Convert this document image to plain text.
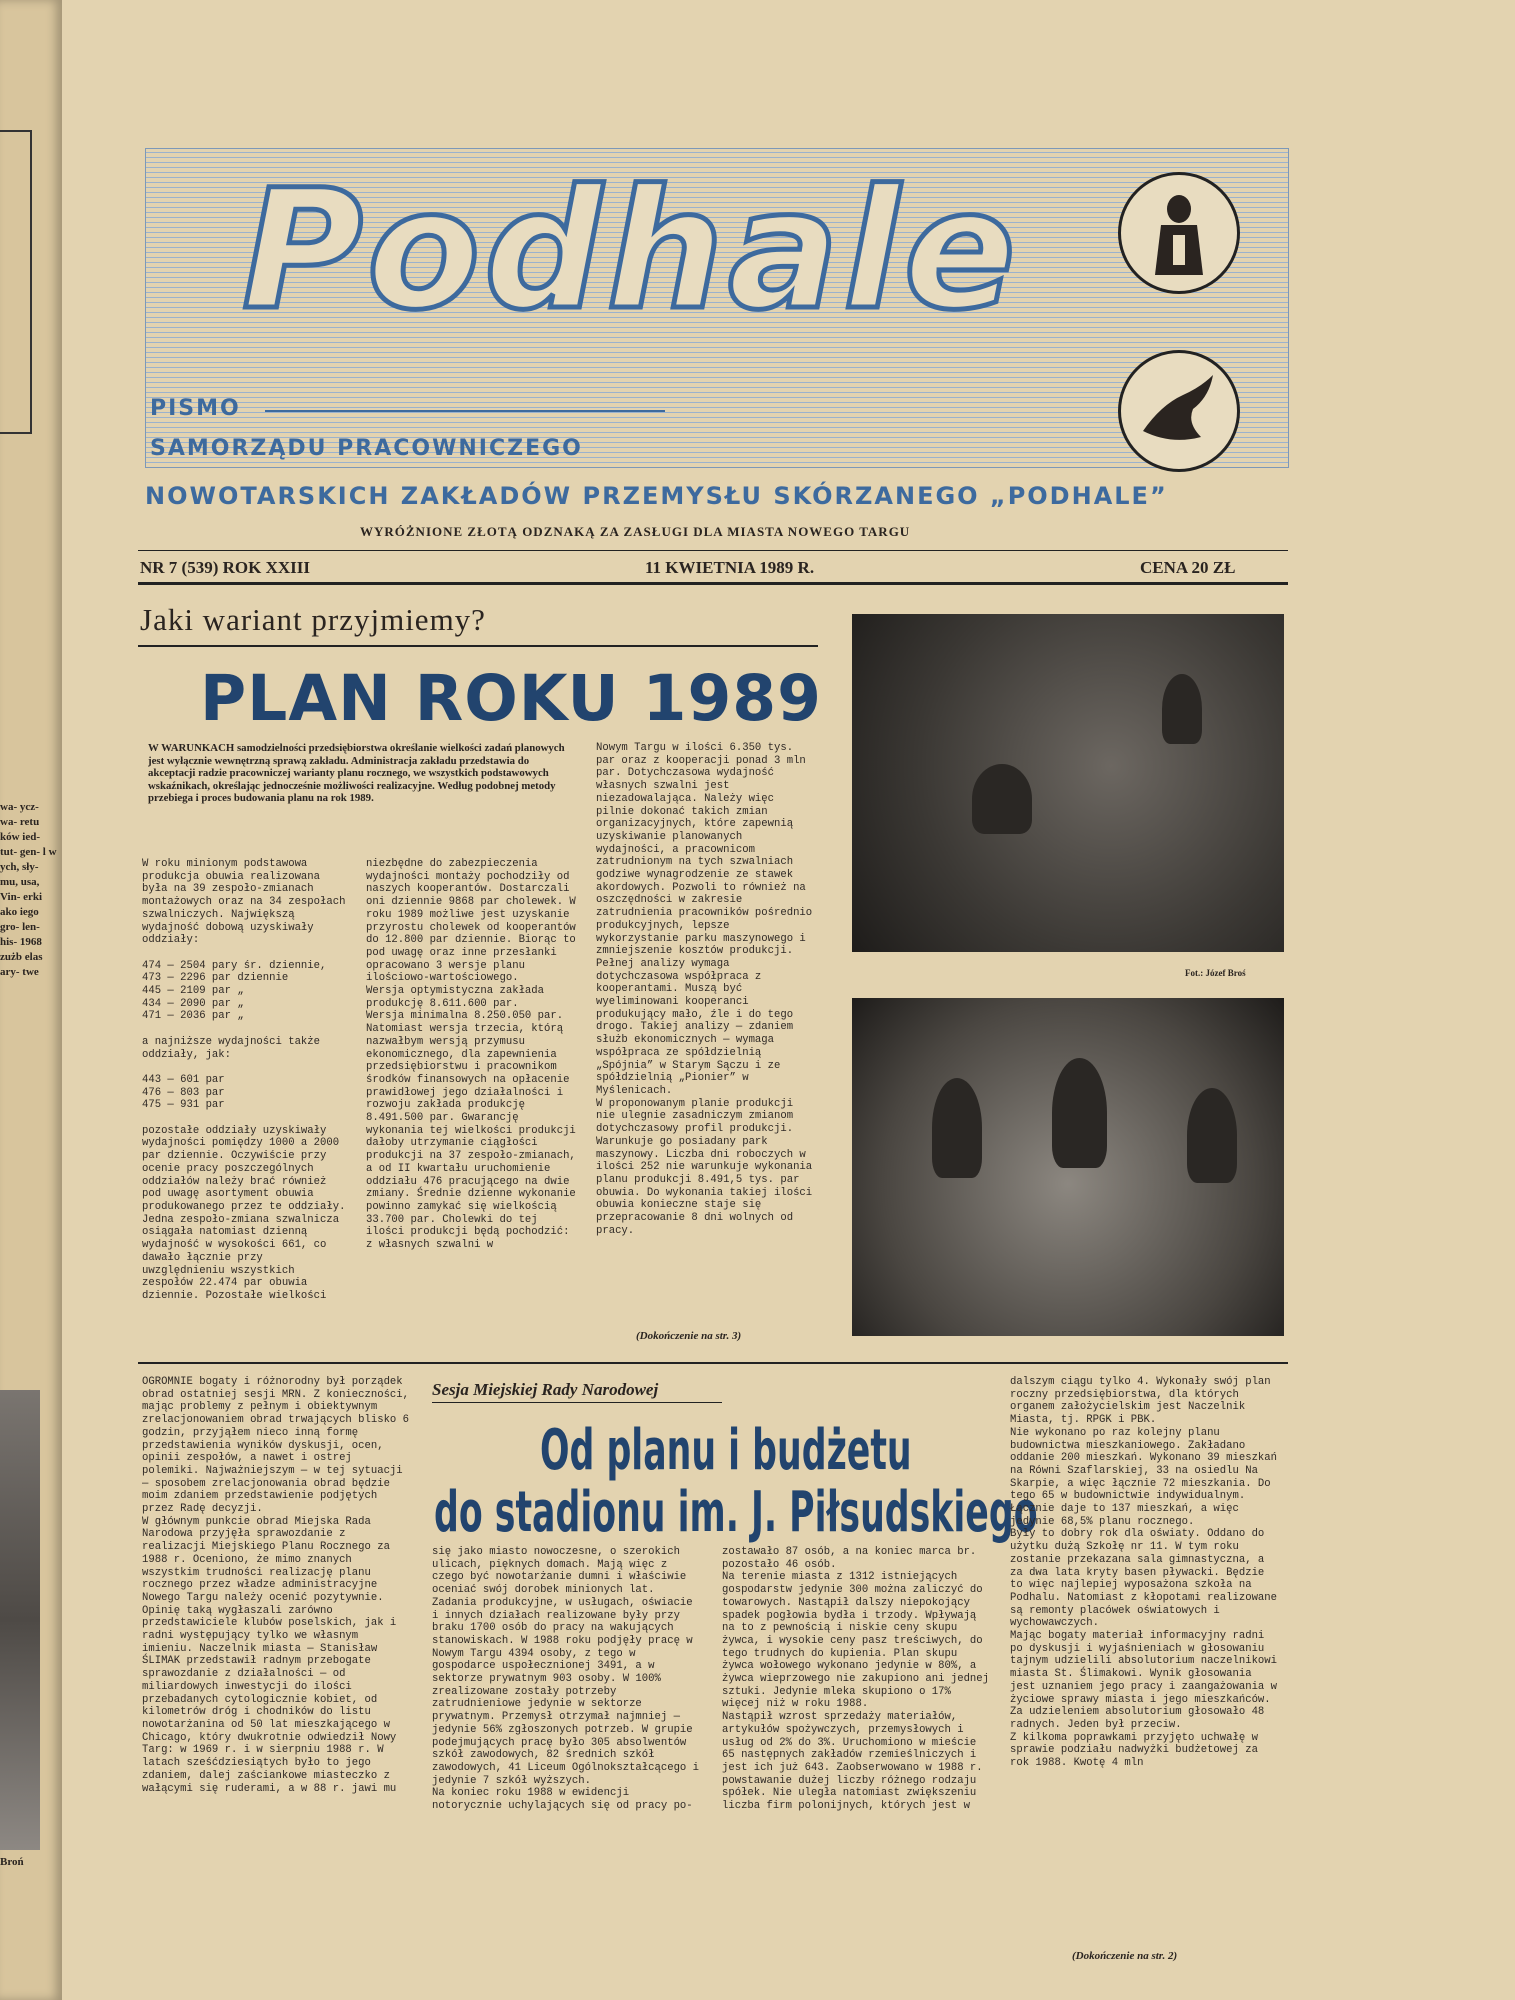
wa- ycz- wa- retu ków ied- tut- gen- l w ych, sły- mu, usa, Vin- erki ako iego gro- len- his- 1968 zużb elas ary- twe
Broń
Podhale
PISMO
SAMORZĄDU PRACOWNICZEGO
NOWOTARSKICH ZAKŁADÓW PRZEMYSŁU SKÓRZANEGO „PODHALE”
WYRÓŻNIONE ZŁOTĄ ODZNAKĄ ZA ZASŁUGI DLA MIASTA NOWEGO TARGU
NR 7 (539) ROK XXIII	11 KWIETNIA 1989 R.	CENA 20 ZŁ
Jaki wariant przyjmiemy?
PLAN ROKU 1989
W WARUNKACH samodzielności przedsiębiorstwa określanie wielkości zadań planowych jest wyłącznie wewnętrzną sprawą zakładu. Administracja zakładu przedstawia do akceptacji radzie pracowniczej warianty planu rocznego, we wszystkich podstawowych wskaźnikach, określając jednocześnie możliwości realizacyjne. Według podobnej metody przebiega i proces budowania planu na rok 1989.
W roku minionym podstawowa produkcja obuwia realizowana była na 39 zespoło-zmianach montażowych oraz na 34 zespołach szwalniczych. Największą wydajność dobową uzyskiwały oddziały:

474 — 2504 pary śr. dziennie,
473 — 2296 par dziennie
445 — 2109 par „
434 — 2090 par „
471 — 2036 par „

a najniższe wydajności także oddziały, jak:

443 — 601 par
476 — 803 par
475 — 931 par

pozostałe oddziały uzyskiwały wydajności pomiędzy 1000 a 2000 par dziennie. Oczywiście przy ocenie pracy poszczególnych oddziałów należy brać również pod uwagę asortyment obuwia produkowanego przez te oddziały.
Jedna zespoło-zmiana szwalnicza osiągała natomiast dzienną wydajność w wysokości 661, co dawało łącznie przy uwzględnieniu wszystkich zespołów 22.474 par obuwia dziennie. Pozostałe wielkości
niezbędne do zabezpieczenia wydajności montaży pochodziły od naszych kooperantów. Dostarczali oni dziennie 9868 par cholewek. W roku 1989 możliwe jest uzyskanie przyrostu cholewek od kooperantów do 12.800 par dziennie. Biorąc to pod uwagę oraz inne przesłanki opracowano 3 wersje planu ilościowo-wartościowego.
Wersja optymistyczna zakłada produkcję 8.611.600 par.
Wersja minimalna 8.250.050 par.
Natomiast wersja trzecia, którą nazwałbym wersją przymusu ekonomicznego, dla zapewnienia przedsiębiorstwu i pracownikom środków finansowych na opłacenie prawidłowej jego działalności i rozwoju zakłada produkcję 8.491.500 par. Gwarancję wykonania tej wielkości produkcji dałoby utrzymanie ciągłości produkcji na 37 zespoło-zmianach, a od II kwartału uruchomienie oddziału 476 pracującego na dwie zmiany. Średnie dzienne wykonanie powinno zamykać się wielkością 33.700 par. Cholewki do tej ilości produkcji będą pochodzić: z własnych szwalni w
Nowym Targu w ilości 6.350 tys. par oraz z kooperacji ponad 3 mln par. Dotychczasowa wydajność własnych szwalni jest niezadowalająca. Należy więc pilnie dokonać takich zmian organizacyjnych, które zapewnią uzyskiwanie planowanych wydajności, a pracownicom zatrudnionym na tych szwalniach godziwe wynagrodzenie ze stawek akordowych. Pozwoli to również na oszczędności w zakresie zatrudnienia pracowników pośrednio produkcyjnych, lepsze wykorzystanie parku maszynowego i zmniejszenie kosztów produkcji.
Pełnej analizy wymaga dotychczasowa współpraca z kooperantami. Muszą być wyeliminowani kooperanci produkujący mało, źle i do tego drogo. Takiej analizy — zdaniem służb ekonomicznych — wymaga współpraca ze spółdzielnią „Spójnia” w Starym Sączu i ze spółdzielnią „Pionier” w Myślenicach.
W proponowanym planie produkcji nie ulegnie zasadniczym zmianom dotychczasowy profil produkcji. Warunkuje go posiadany park maszynowy. Liczba dni roboczych w ilości 252 nie warunkuje wykonania planu produkcji 8.491,5 tys. par obuwia. Do wykonania takiej ilości obuwia konieczne staje się przepracowanie 8 dni wolnych od pracy.
(Dokończenie na str. 3)
Fot.: Józef Broś
OGROMNIE bogaty i różnorodny był porządek obrad ostatniej sesji MRN. Z konieczności, mając problemy z pełnym i obiektywnym zrelacjonowaniem obrad trwających blisko 6 godzin, przyjąłem nieco inną formę przedstawienia wyników dyskusji, ocen, opinii zespołów, a nawet i ostrej polemiki. Najważniejszym — w tej sytuacji — sposobem zrelacjonowania obrad będzie moim zdaniem przedstawienie podjętych przez Radę decyzji.
W głównym punkcie obrad Miejska Rada Narodowa przyjęła sprawozdanie z realizacji Miejskiego Planu Rocznego za 1988 r. Oceniono, że mimo znanych wszystkim trudności realizację planu rocznego przez władze administracyjne Nowego Targu należy ocenić pozytywnie. Opinię taką wygłaszali zarówno przedstawiciele klubów poselskich, jak i radni występujący tylko we własnym imieniu. Naczelnik miasta — Stanisław ŚLIMAK przedstawił radnym przebogate sprawozdanie z działalności — od miliardowych inwestycji do ilości przebadanych cytologicznie kobiet, od kilometrów dróg i chodników do listu nowotarżanina od 50 lat mieszkającego w Chicago, który dwukrotnie odwiedził Nowy Targ: w 1969 r. i w sierpniu 1988 r. W latach sześćdziesiątych było to jego zdaniem, dalej zaściankowe miasteczko z wałącymi się ruderami, a w 88 r. jawi mu
Sesja Miejskiej Rady Narodowej
Od planu i budżetu
do stadionu im. J. Piłsudskiego
się jako miasto nowoczesne, o szerokich ulicach, pięknych domach. Mają więc z czego być nowotarżanie dumni i właściwie oceniać swój dorobek minionych lat.
Zadania produkcyjne, w usługach, oświacie i innych działach realizowane były przy braku 1700 osób do pracy na wakujących stanowiskach. W 1988 roku podjęły pracę w Nowym Targu 4394 osoby, z tego w gospodarce uspołecznionej 3491, a w sektorze prywatnym 903 osoby. W 100% zrealizowane zostały potrzeby zatrudnieniowe jedynie w sektorze prywatnym. Przemysł otrzymał najmniej — jedynie 56% zgłoszonych potrzeb. W grupie podejmujących pracę było 305 absolwentów szkół zawodowych, 82 średnich szkół zawodowych, 41 Liceum Ogólnokształcącego i jedynie 7 szkół wyższych.
Na koniec roku 1988 w ewidencji notorycznie uchylających się od pracy po-
zostawało 87 osób, a na koniec marca br. pozostało 46 osób.
Na terenie miasta z 1312 istniejących gospodarstw jedynie 300 można zaliczyć do towarowych. Nastąpił dalszy niepokojący spadek pogłowia bydła i trzody. Wpływają na to z pewnością i niskie ceny skupu żywca, i wysokie ceny pasz treściwych, do tego trudnych do kupienia. Plan skupu żywca wołowego wykonano jedynie w 80%, a żywca wieprzowego nie zakupiono ani jednej sztuki. Jedynie mleka skupiono o 17% więcej niż w roku 1988.
Nastąpił wzrost sprzedaży materiałów, artykułów spożywczych, przemysłowych i usług od 2% do 3%. Uruchomiono w mieście 65 następnych zakładów rzemieślniczych i jest ich już 643. Zaobserwowano w 1988 r. powstawanie dużej liczby różnego rodzaju spółek. Nie uległa natomiast zwiększeniu liczba firm polonijnych, których jest w
dalszym ciągu tylko 4. Wykonały swój plan roczny przedsiębiorstwa, dla których organem założycielskim jest Naczelnik Miasta, tj. RPGK i PBK.
Nie wykonano po raz kolejny planu budownictwa mieszkaniowego. Zakładano oddanie 200 mieszkań. Wykonano 39 mieszkań na Równi Szaflarskiej, 33 na osiedlu Na Skarpie, a więc łącznie 72 mieszkania. Do tego 65 w budownictwie indywidualnym. Łącznie daje to 137 mieszkań, a więc jedynie 68,5% planu rocznego.
Były to dobry rok dla oświaty. Oddano do użytku dużą Szkołę nr 11. W tym roku zostanie przekazana sala gimnastyczna, a za dwa lata kryty basen pływacki. Będzie to więc najlepiej wyposażona szkoła na Podhalu. Natomiast z kłopotami realizowane są remonty placówek oświatowych i wychowawczych.
Mając bogaty materiał informacyjny radni po dyskusji i wyjaśnieniach w głosowaniu tajnym udzielili absolutorium naczelnikowi miasta St. Ślimakowi. Wynik głosowania jest uznaniem jego pracy i zaangażowania w życiowe sprawy miasta i jego mieszkańców. Za udzieleniem absolutorium głosowało 48 radnych. Jeden był przeciw.
Z kilkoma poprawkami przyjęto uchwałę w sprawie podziału nadwyżki budżetowej za rok 1988. Kwotę 4 mln
(Dokończenie na str. 2)
